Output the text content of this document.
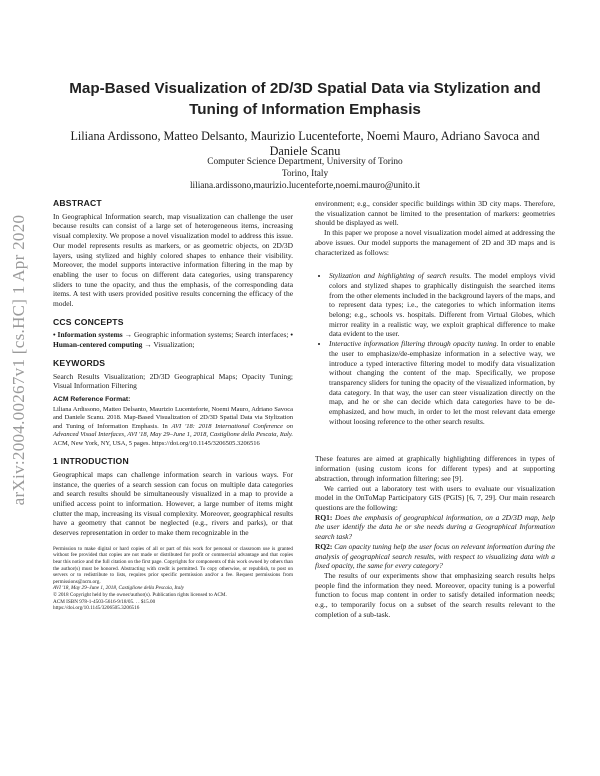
arXiv:2004.00267v1 [cs.HC] 1 Apr 2020
Map-Based Visualization of 2D/3D Spatial Data via Stylization and Tuning of Information Emphasis
Liliana Ardissono, Matteo Delsanto, Maurizio Lucenteforte, Noemi Mauro, Adriano Savoca and Daniele Scanu
Computer Science Department, University of Torino
Torino, Italy
liliana.ardissono,maurizio.lucenteforte,noemi.mauro@unito.it
ABSTRACT

In Geographical Information search, map visualization can challenge the user because results can consist of a large set of heterogeneous items, increasing visual complexity. We propose a novel visualization model to address this issue. Our model represents results as markers, or as geometric objects, on 2D/3D layers, using stylized and highly colored shapes to enhance their visibility. Moreover, the model supports interactive information filtering in the map by enabling the user to focus on different data categories, using transparency sliders to tune the opacity, and thus the emphasis, of the corresponding data items. A test with users provided positive results concerning the efficacy of the model.

CCS CONCEPTS

• Information systems → Geographic information systems; Search interfaces; • Human-centered computing → Visualization;

KEYWORDS

Search Results Visualization; 2D/3D Geographical Maps; Opacity Tuning; Visual Information Filtering

ACM Reference Format:

Liliana Ardissono, Matteo Delsanto, Maurizio Lucenteforte, Noemi Mauro, Adriano Savoca and Daniele Scanu. 2018. Map-Based Visualization of 2D/3D Spatial Data via Stylization and Tuning of Information Emphasis. In AVI '18: 2018 International Conference on Advanced Visual Interfaces, AVI '18, May 29–June 1, 2018, Castiglione della Pescaia, Italy. ACM, New York, NY, USA, 5 pages. https://doi.org/10.1145/3206505.3206516

1 INTRODUCTION

Geographical maps can challenge information search in various ways. For instance, the queries of a search session can focus on multiple data categories and search results should be simultaneously visualized in a map to provide a unified access point to information. However, a large number of items might clutter the map, increasing its visual complexity. Moreover, geographical results have a geometry that cannot be neglected (e.g., rivers and parks), or that deserves representation in order to make them recognizable in the

Permission to make digital or hard copies of all or part of this work for personal or classroom use is granted without fee provided that copies are not made or distributed for profit or commercial advantage and that copies bear this notice and the full citation on the first page. Copyrights for components of this work owned by others than the author(s) must be honored. Abstracting with credit is permitted. To copy otherwise, or republish, to post on servers or to redistribute to lists, requires prior specific permission and/or a fee. Request permissions from permissions@acm.org.

AVI '18, May 29–June 1, 2018, Castiglione della Pescaia, Italy

© 2018 Copyright held by the owner/author(s). Publication rights licensed to ACM.

ACM ISBN 978-1-4503-5616-9/18/05. . . $15.00

https://doi.org/10.1145/3206505.3206516

environment; e.g., consider specific buildings within 3D city maps. Therefore, the visualization cannot be limited to the presentation of markers: geometries should be displayed as well.

In this paper we propose a novel visualization model aimed at addressing the above issues. Our model supports the management of 2D and 3D maps and is characterized as follows:

• Stylization and highlighting of search results. The model employs vivid colors and stylized shapes to graphically distinguish the searched items from the other elements included in the background layers of the maps, and to represent data types; i.e., the categories to which information items belong; e.g., schools vs. hospitals. Different from Virtual Globes, which mirror reality in a realistic way, we exploit graphical difference to make data evident to the user.
• Interactive information filtering through opacity tuning. In order to enable the user to emphasize/de-emphasize information in a selective way, we introduce a typed interactive filtering model to modify data visualization without changing the content of the map. Specifically, we propose transparency sliders for tuning the opacity of the visualized information, by data category. In that way, the user can steer visualization directly on the map, and he or she can decide which data categories have to be de-emphasized, and how much, in order to let the most relevant data emerge without loosing reference to the other search results.

These features are aimed at graphically highlighting differences in types of information (using custom icons for different types) and at supporting abstraction, through information filtering; see [9].

We carried out a laboratory test with users to evaluate our visualization model in the OnToMap Participatory GIS (PGIS) [6, 7, 29]. Our main research questions are the following:

RQ1: Does the emphasis of geographical information, on a 2D/3D map, help the user identify the data he or she needs during a Geographical Information search task?

RQ2: Can opacity tuning help the user focus on relevant information during the analysis of geographical search results, with respect to visualizing data with a fixed opacity, the same for every category?

The results of our experiments show that emphasizing search results helps people find the information they need. Moreover, opacity tuning is a powerful function to focus map content in order to satisfy detailed information needs; e.g., to temporarily focus on a subset of the search results relevant to the completion of a sub-task.
